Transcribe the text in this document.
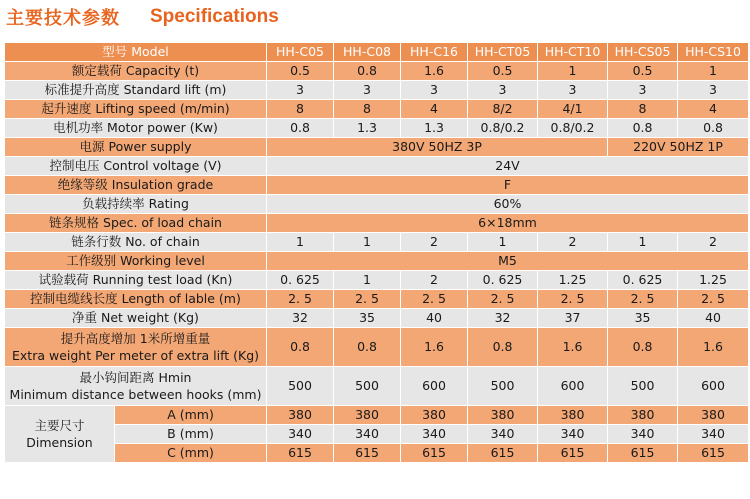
主要技术参数 Specifications
型号 Model		HH-C05	HH-C08	HH-C16	HH-CT05	HH-CT10	HH-CS05	HH-CS10
额定载荷 Capacity (t)		0.5	0.8	1.6	0.5	1	0.5	1
标准提升高度 Standard lift (m)		3	3	3	3	3	3	3
起升速度 Lifting speed (m/min)		8	8	4	8/2	4/1	8	4
电机功率 Motor power (Kw)		0.8	1.3	1.3	0.8/0.2	0.8/0.2	0.8	0.8
电源 Power supply		380V 50HZ 3P					220V 50HZ 1P	
控制电压 Control voltage (V)		24V						
绝缘等级 Insulation grade		F						
负载持续率 Rating		60%						
链条规格 Spec. of load chain		6×18mm						
链条行数 No. of chain		1	1	2	1	2	1	2
工作级别 Working level		M5						
试验载荷 Running test load (Kn)		0. 625	1	2	0. 625	1.25	0. 625	1.25
控制电缆线长度 Length of lable (m)		2. 5	2. 5	2. 5	2. 5	2. 5	2. 5	2. 5
净重 Net weight (Kg)		32	35	40	32	37	35	40

提升高度增加 1米所增重量
Extra weight Per meter of extra lift (Kg)		0.8	0.8	1.6	0.8	1.6	0.8	1.6

最小钩间距离 Hmin
Minimum distance between hooks (mm)		500	500	600	500	600	500	600

主要尺寸
Dimension	A (mm)	380	380	380	380	380	380	380
	B (mm)	340	340	340	340	340	340	340
	C (mm)	615	615	615	615	615	615	615
